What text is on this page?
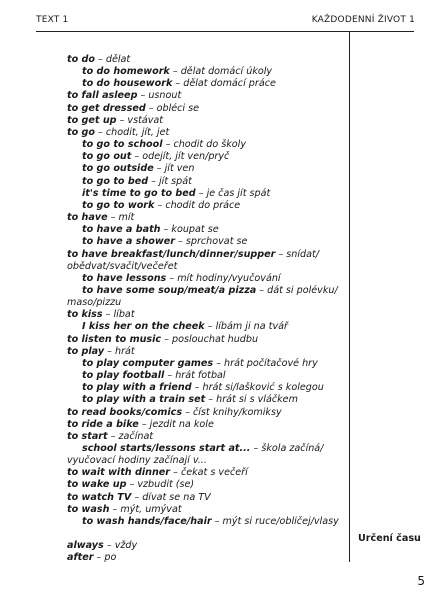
TEXT 1	KAŽDODENNÍ ŽIVOT 1
to do – dělat
to do homework – dělat domácí úkoly
to do housework – dělat domácí práce
to fall asleep – usnout
to get dressed – obléci se
to get up – vstávat
to go – chodit, jít, jet
to go to school – chodit do školy
to go out – odejít, jít ven/pryč
to go outside – jít ven
to go to bed – jít spát
it's time to go to bed – je čas jít spát
to go to work – chodit do práce
to have – mít
to have a bath – koupat se
to have a shower – sprchovat se
to have breakfast/lunch/dinner/supper – snídat/
obědvat/svačit/večeřet
to have lessons – mít hodiny/vyučování
to have some soup/meat/a pizza – dát si polévku/
maso/pizzu
to kiss – líbat
I kiss her on the cheek – líbám ji na tvář
to listen to music – poslouchat hudbu
to play – hrát
to play computer games – hrát počítačové hry
to play football – hrát fotbal
to play with a friend – hrát si/lašković s kolegou
to play with a train set – hrát si s vláčkem
to read books/comics – číst knihy/komiksy
to ride a bike – jezdit na kole
to start – začínat
school starts/lessons start at... – škola začíná/
vyučovací hodiny začínají v...
to wait with dinner – čekat s večeří
to wake up – vzbudit (se)
to watch TV – dívat se na TV
to wash – mýt, umývat
to wash hands/face/hair – mýt si ruce/obličej/vlasy
always – vždy
after – po
Určení času
5
